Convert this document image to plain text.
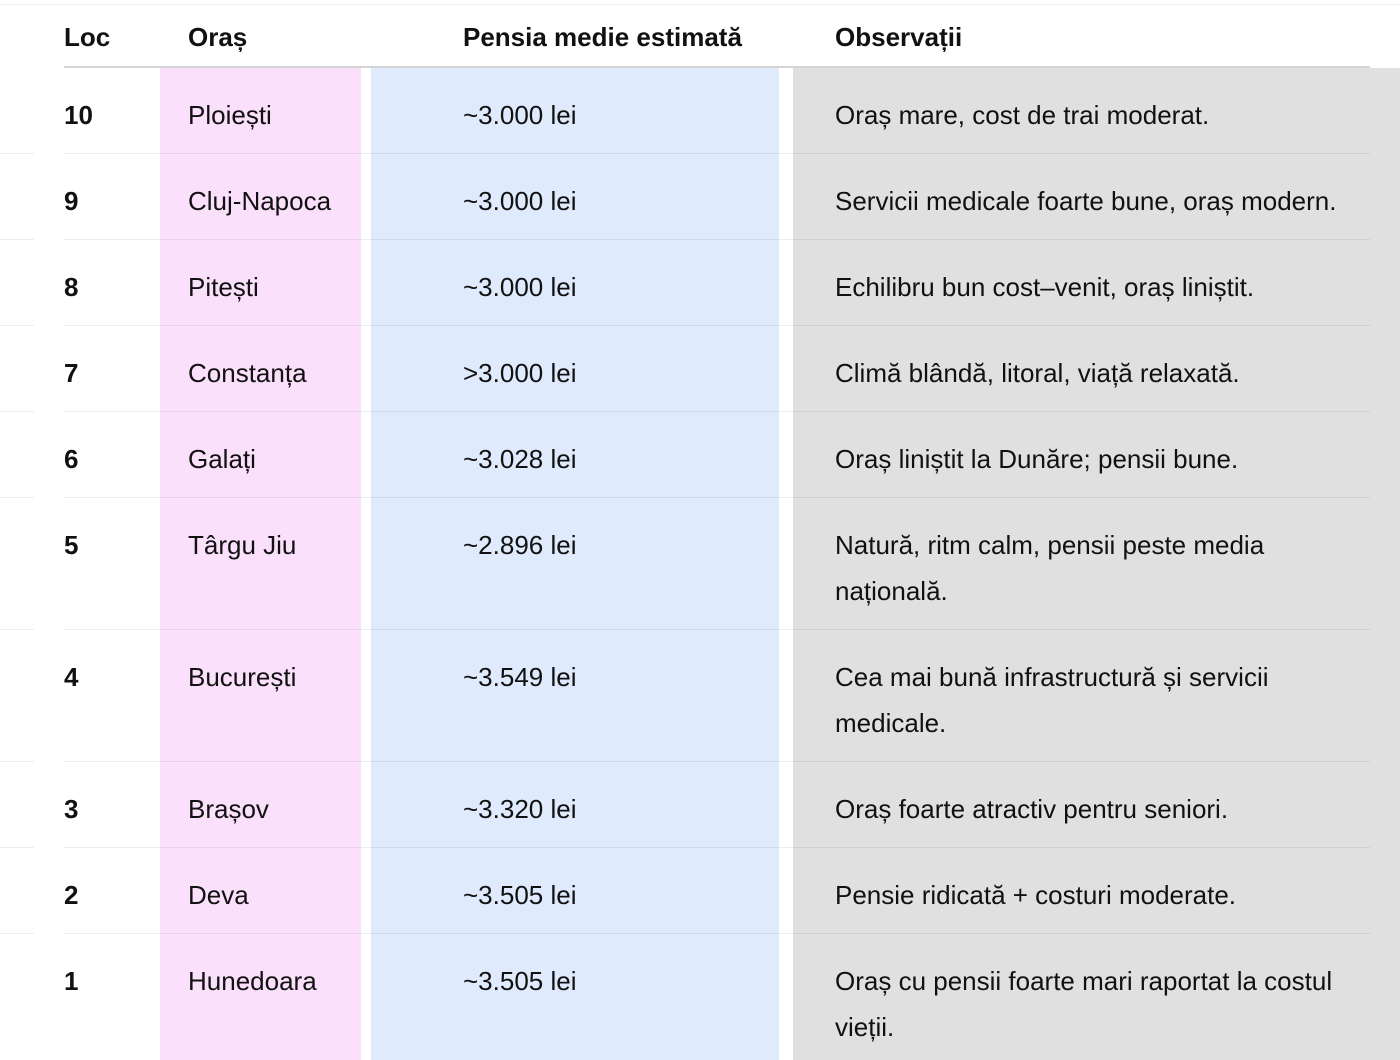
Loc	Oraș	Pensia medie estimată	Observații
10	Ploiești	~3.000 lei	Oraș mare, cost de trai moderat.
9	Cluj-Napoca	~3.000 lei	Servicii medicale foarte bune, oraș modern.
8	Pitești	~3.000 lei	Echilibru bun cost–venit, oraș liniștit.
7	Constanța	>3.000 lei	Climă blândă, litoral, viață relaxată.
6	Galați	~3.028 lei	Oraș liniștit la Dunăre; pensii bune.
5	Târgu Jiu	~2.896 lei	Natură, ritm calm, pensii peste media națională.
4	București	~3.549 lei	Cea mai bună infrastructură și servicii medicale.
3	Brașov	~3.320 lei	Oraș foarte atractiv pentru seniori.
2	Deva	~3.505 lei	Pensie ridicată + costuri moderate.
1	Hunedoara	~3.505 lei	Oraș cu pensii foarte mari raportat la costul vieții.
